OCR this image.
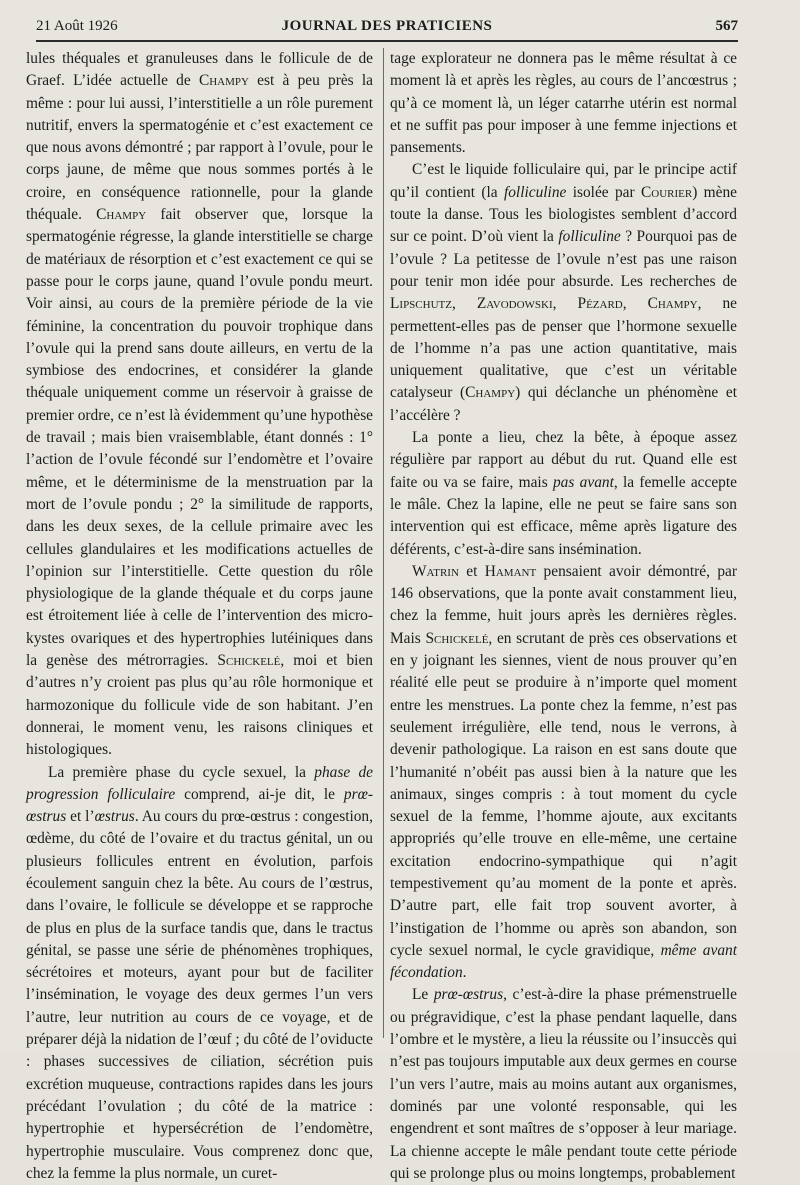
21 Août 1926	JOURNAL DES PRATICIENS	567

lules théquales et granuleuses dans le follicule de de Graef. L’idée actuelle de Champy est à peu près la même : pour lui aussi, l’interstitielle a un rôle purement nutritif, envers la spermatogénie et c’est exactement ce que nous avons démontré ; par rapport à l’ovule, pour le corps jaune, de même que nous sommes portés à le croire, en conséquence rationnelle, pour la glande théquale. Champy fait observer que, lorsque la spermatogénie régresse, la glande interstitielle se charge de matériaux de résorption et c’est exactement ce qui se passe pour le corps jaune, quand l’ovule pondu meurt. Voir ainsi, au cours de la première période de la vie féminine, la concentration du pouvoir trophique dans l’ovule qui la prend sans doute ailleurs, en vertu de la symbiose des endocrines, et considérer la glande théquale uniquement comme un réservoir à graisse de premier ordre, ce n’est là évidemment qu’une hypothèse de travail ; mais bien vraisemblable, étant donnés : 1° l’action de l’ovule fécondé sur l’endomètre et l’ovaire même, et le déterminisme de la menstruation par la mort de l’ovule pondu ; 2° la similitude de rapports, dans les deux sexes, de la cellule primaire avec les cellules glandulaires et les modifications actuelles de l’opinion sur l’interstitielle. Cette question du rôle physiologique de la glande théquale et du corps jaune est étroitement liée à celle de l’intervention des micro-kystes ovariques et des hypertrophies lutéiniques dans la genèse des métrorragies. Schickelé, moi et bien d’autres n’y croient pas plus qu’au rôle hormonique et harmozonique du follicule vide de son habitant. J’en donnerai, le moment venu, les raisons cliniques et histologiques.

La première phase du cycle sexuel, la phase de progression folliculaire comprend, ai-je dit, le prœ-œstrus et l’œstrus. Au cours du prœ-œstrus : congestion, œdème, du côté de l’ovaire et du tractus génital, un ou plusieurs follicules entrent en évolution, parfois écoulement sanguin chez la bête. Au cours de l’œstrus, dans l’ovaire, le follicule se développe et se rapproche de plus en plus de la surface tandis que, dans le tractus génital, se passe une série de phénomènes trophiques, sécrétoires et moteurs, ayant pour but de faciliter l’insémination, le voyage des deux germes l’un vers l’autre, leur nutrition au cours de ce voyage, et de préparer déjà la nidation de l’œuf ; du côté de l’oviducte : phases successives de ciliation, sécrétion puis excrétion muqueuse, contractions rapides dans les jours précédant l’ovulation ; du côté de la matrice : hypertrophie et hypersécrétion de l’endomètre, hypertrophie musculaire. Vous comprenez donc que, chez la femme la plus normale, un curet-

tage explorateur ne donnera pas le même résultat à ce moment là et après les règles, au cours de l’ancœstrus ; qu’à ce moment là, un léger catarrhe utérin est normal et ne suffit pas pour imposer à une femme injections et pansements.

C’est le liquide folliculaire qui, par le principe actif qu’il contient (la folliculine isolée par Courier) mène toute la danse. Tous les biologistes semblent d’accord sur ce point. D’où vient la folliculine ? Pourquoi pas de l’ovule ? La petitesse de l’ovule n’est pas une raison pour tenir mon idée pour absurde. Les recherches de Lipschutz, Zavodowski, Pézard, Champy, ne permettent-elles pas de penser que l’hormone sexuelle de l’homme n’a pas une action quantitative, mais uniquement qualitative, que c’est un véritable catalyseur (Champy) qui déclanche un phénomène et l’accélère ?

La ponte a lieu, chez la bête, à époque assez régulière par rapport au début du rut. Quand elle est faite ou va se faire, mais pas avant, la femelle accepte le mâle. Chez la lapine, elle ne peut se faire sans son intervention qui est efficace, même après ligature des déférents, c’est-à-dire sans insémination.

Watrin et Hamant pensaient avoir démontré, par 146 observations, que la ponte avait constamment lieu, chez la femme, huit jours après les dernières règles. Mais Schickelé, en scrutant de près ces observations et en y joignant les siennes, vient de nous prouver qu’en réalité elle peut se produire à n’importe quel moment entre les menstrues. La ponte chez la femme, n’est pas seulement irrégulière, elle tend, nous le verrons, à devenir pathologique. La raison en est sans doute que l’humanité n’obéit pas aussi bien à la nature que les animaux, singes compris : à tout moment du cycle sexuel de la femme, l’homme ajoute, aux excitants appropriés qu’elle trouve en elle-même, une certaine excitation endocrino-sympathique qui n’agit tempestivement qu’au moment de la ponte et après. D’autre part, elle fait trop souvent avorter, à l’instigation de l’homme ou après son abandon, son cycle sexuel normal, le cycle gravidique, même avant fécondation.

Le prœ-œstrus, c’est-à-dire la phase prémenstruelle ou prégravidique, c’est la phase pendant laquelle, dans l’ombre et le mystère, a lieu la réussite ou l’insuccès qui n’est pas toujours imputable aux deux germes en course l’un vers l’autre, mais au moins autant aux organismes, dominés par une volonté responsable, qui les engendrent et sont maîtres de s’opposer à leur mariage. La chienne accepte le mâle pendant toute cette période qui se prolonge plus ou moins longtemps, probablement
